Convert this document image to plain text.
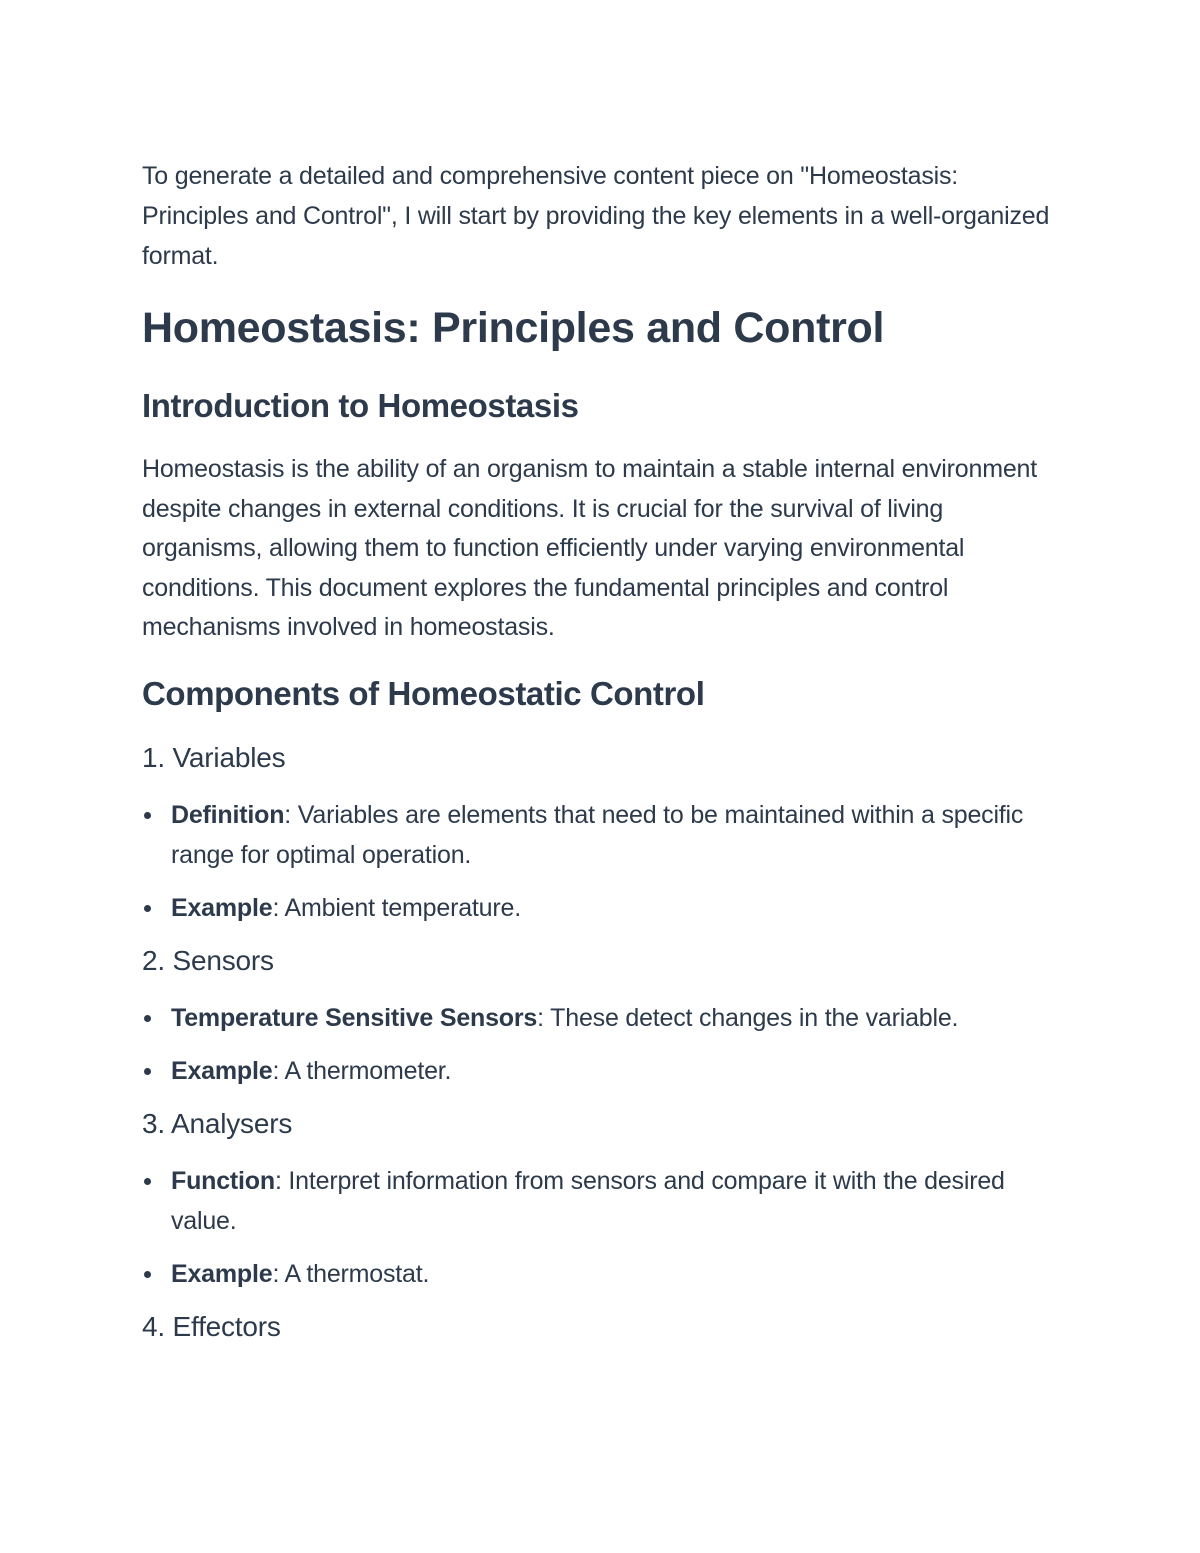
To generate a detailed and comprehensive content piece on "Homeostasis: Principles and Control", I will start by providing the key elements in a well-organized format.

Homeostasis: Principles and Control
Introduction to Homeostasis

Homeostasis is the ability of an organism to maintain a stable internal environment despite changes in external conditions. It is crucial for the survival of living organisms, allowing them to function efficiently under varying environmental conditions. This document explores the fundamental principles and control mechanisms involved in homeostasis.

Components of Homeostatic Control
1. Variables
Definition: Variables are elements that need to be maintained within a specific range for optimal operation.
Example: Ambient temperature.
2. Sensors
Temperature Sensitive Sensors: These detect changes in the variable.
Example: A thermometer.
3. Analysers
Function: Interpret information from sensors and compare it with the desired value.
Example: A thermostat.
4. Effectors
